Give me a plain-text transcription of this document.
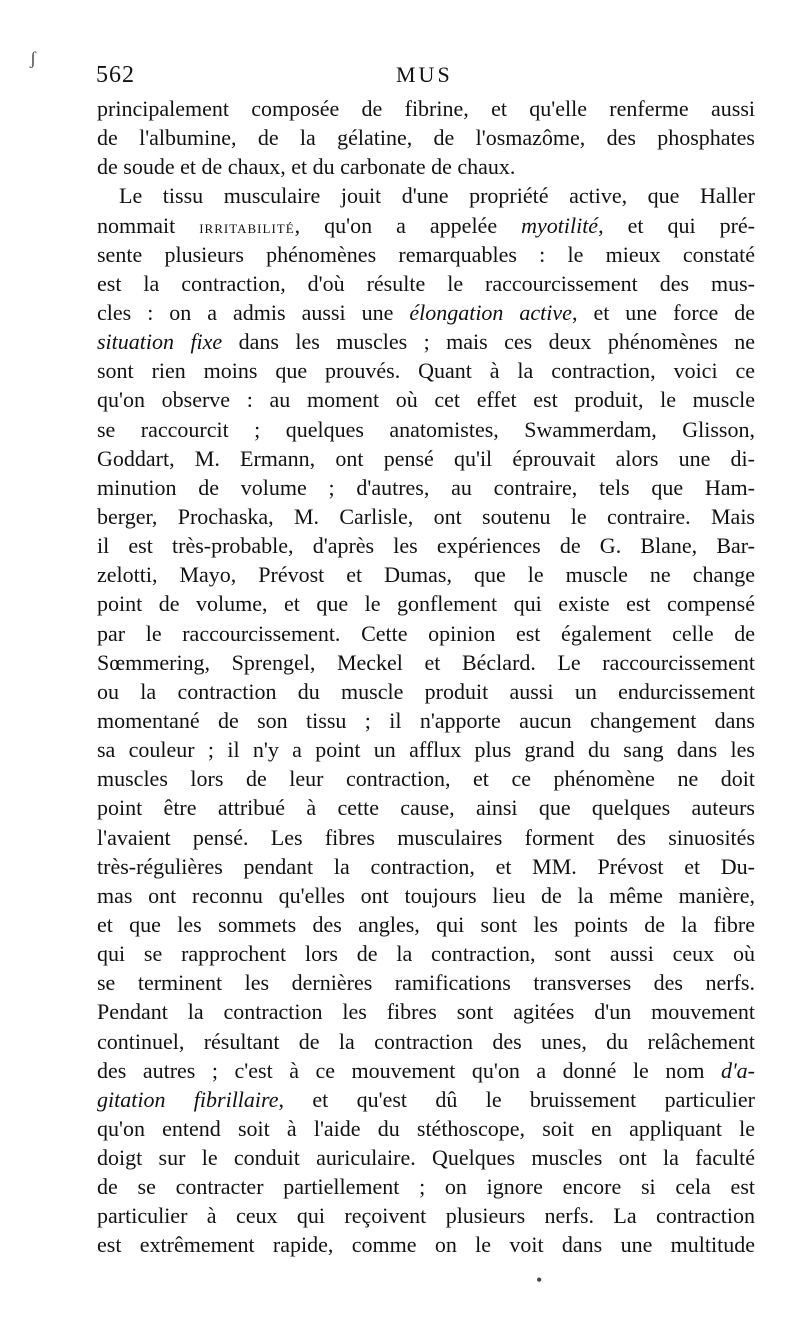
ʃ
562	MUS
principalement composée de fibrine, et qu'elle renferme aussi
de l'albumine, de la gélatine, de l'osmazôme, des phosphates
de soude et de chaux, et du carbonate de chaux.
Le tissu musculaire jouit d'une propriété active, que Haller
nommait irritabilité, qu'on a appelée myotilité, et qui pré-
sente plusieurs phénomènes remarquables : le mieux constaté
est la contraction, d'où résulte le raccourcissement des mus-
cles : on a admis aussi une élongation active, et une force de
situation fixe dans les muscles ; mais ces deux phénomènes ne
sont rien moins que prouvés. Quant à la contraction, voici ce
qu'on observe : au moment où cet effet est produit, le muscle
se raccourcit ; quelques anatomistes, Swammerdam, Glisson,
Goddart, M. Ermann, ont pensé qu'il éprouvait alors une di-
minution de volume ; d'autres, au contraire, tels que Ham-
berger, Prochaska, M. Carlisle, ont soutenu le contraire. Mais
il est très-probable, d'après les expériences de G. Blane, Bar-
zelotti, Mayo, Prévost et Dumas, que le muscle ne change
point de volume, et que le gonflement qui existe est compensé
par le raccourcissement. Cette opinion est également celle de
Sœmmering, Sprengel, Meckel et Béclard. Le raccourcissement
ou la contraction du muscle produit aussi un endurcissement
momentané de son tissu ; il n'apporte aucun changement dans
sa couleur ; il n'y a point un afflux plus grand du sang dans les
muscles lors de leur contraction, et ce phénomène ne doit
point être attribué à cette cause, ainsi que quelques auteurs
l'avaient pensé. Les fibres musculaires forment des sinuosités
très-régulières pendant la contraction, et MM. Prévost et Du-
mas ont reconnu qu'elles ont toujours lieu de la même manière,
et que les sommets des angles, qui sont les points de la fibre
qui se rapprochent lors de la contraction, sont aussi ceux où
se terminent les dernières ramifications transverses des nerfs.
Pendant la contraction les fibres sont agitées d'un mouvement
continuel, résultant de la contraction des unes, du relâchement
des autres ; c'est à ce mouvement qu'on a donné le nom d'a-
gitation fibrillaire, et qu'est dû le bruissement particulier
qu'on entend soit à l'aide du stéthoscope, soit en appliquant le
doigt sur le conduit auriculaire. Quelques muscles ont la faculté
de se contracter partiellement ; on ignore encore si cela est
particulier à ceux qui reçoivent plusieurs nerfs. La contraction
est extrêmement rapide, comme on le voit dans une multitude
•
